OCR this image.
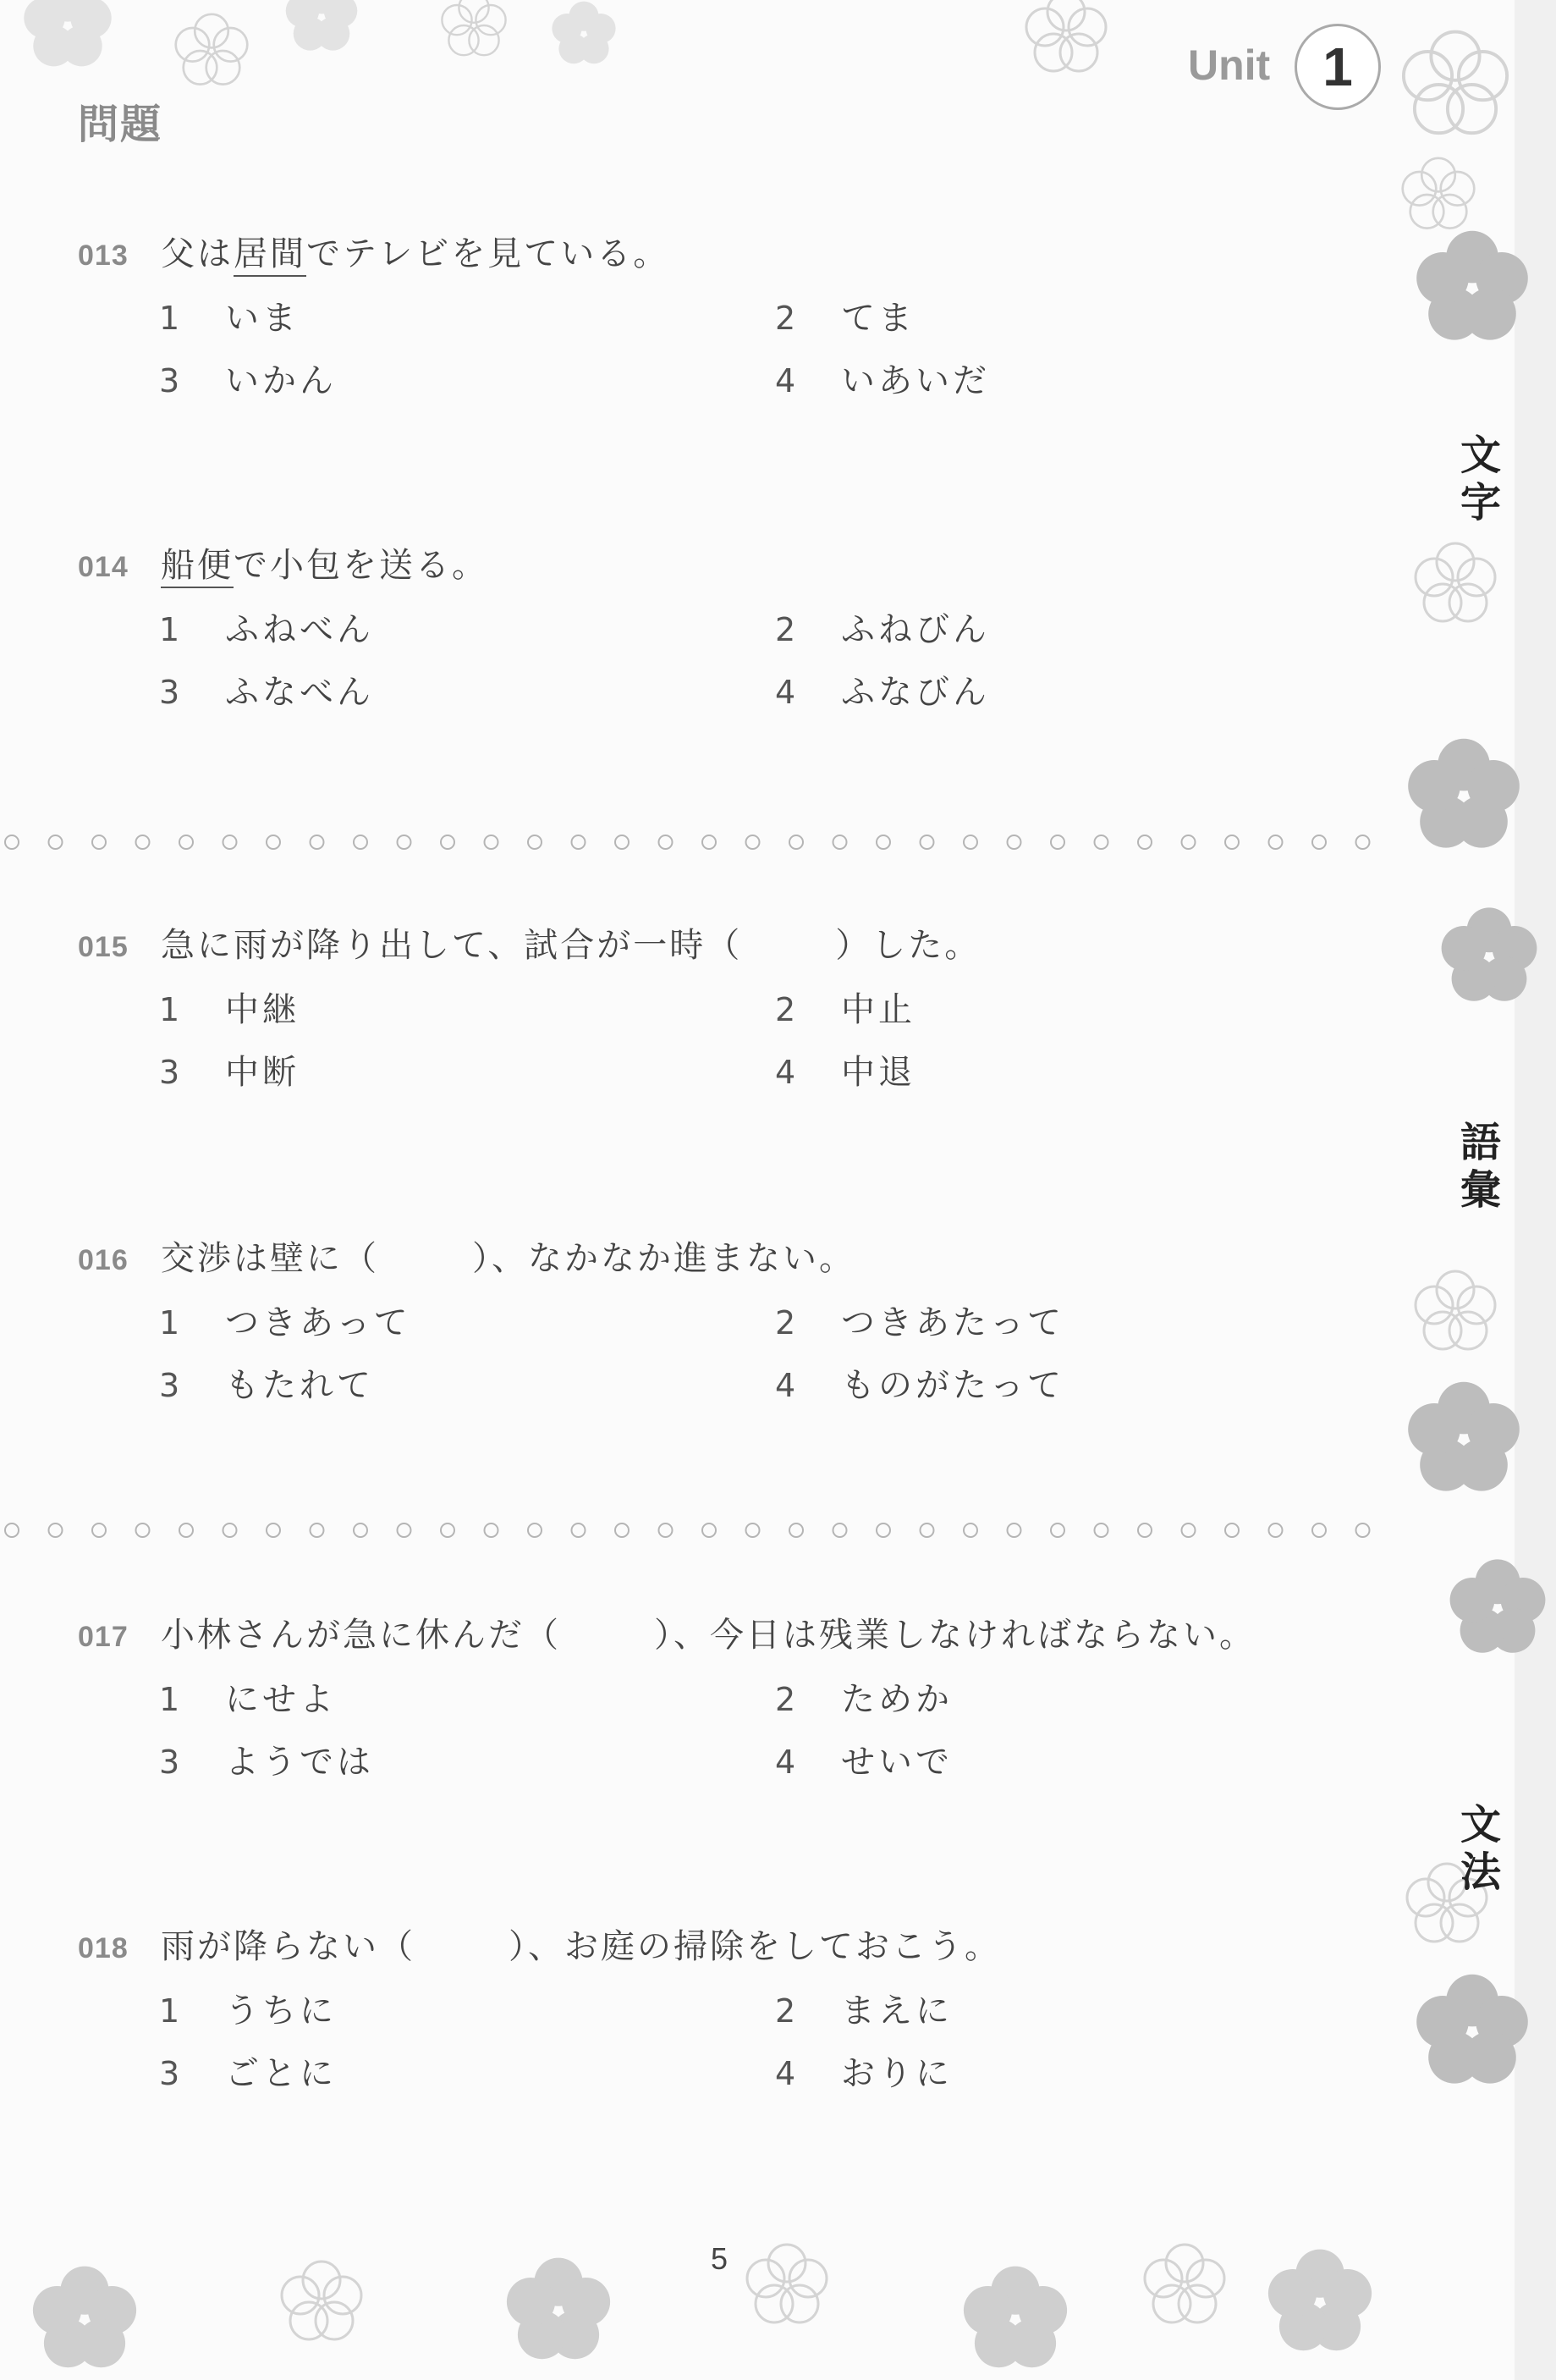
問題
Unit 1
013 父は居間でテレビを見ている。
1	いま	2	てま
3	いかん	4	いあいだ
014 船便で小包を送る。
1	ふねべん	2	ふねびん
3	ふなべん	4	ふなびん
015 急に雨が降り出して、試合が一時（	）した。
1	中継	2	中止
3	中断	4	中退
016 交渉は壁に（	）、なかなか進まない。
1	つきあって	2	つきあたって
3	もたれて	4	ものがたって
017 小林さんが急に休んだ（	）、今日は残業しなければならない。
1	にせよ	2	ためか
3	ようでは	4	せいで
018 雨が降らない（	）、お庭の掃除をしておこう。
1	うちに	2	まえに
3	ごとに	4	おりに
文字
語彙
文法
5
